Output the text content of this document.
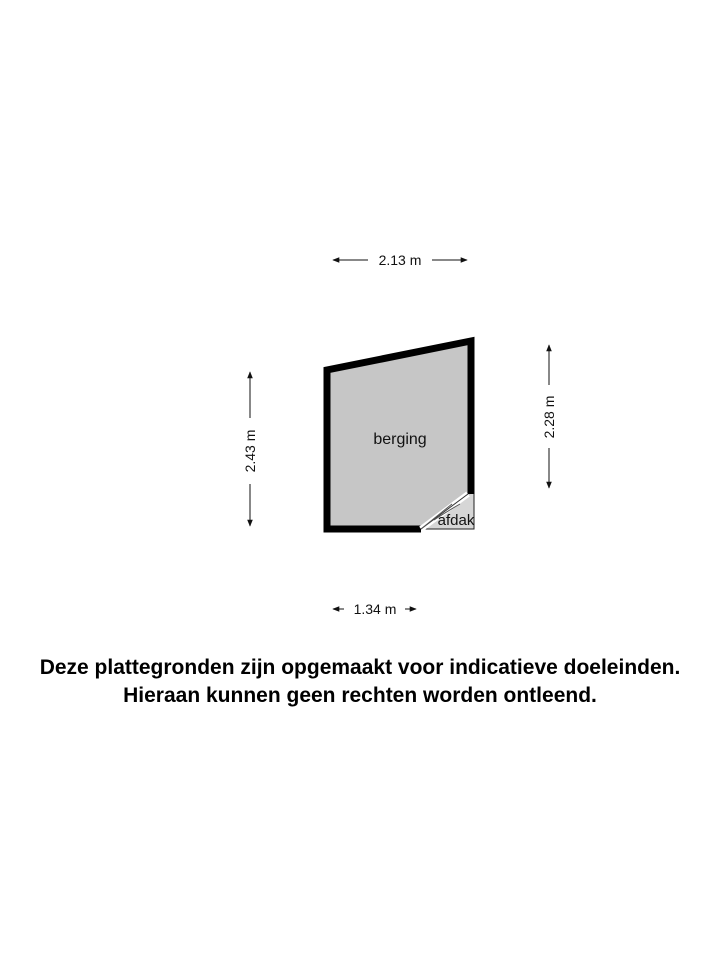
2.13 m
2.43 m
2.28 m
1.34 m
berging
afdak
Deze plattegronden zijn opgemaakt voor indicatieve doeleinden.
Hieraan kunnen geen rechten worden ontleend.
